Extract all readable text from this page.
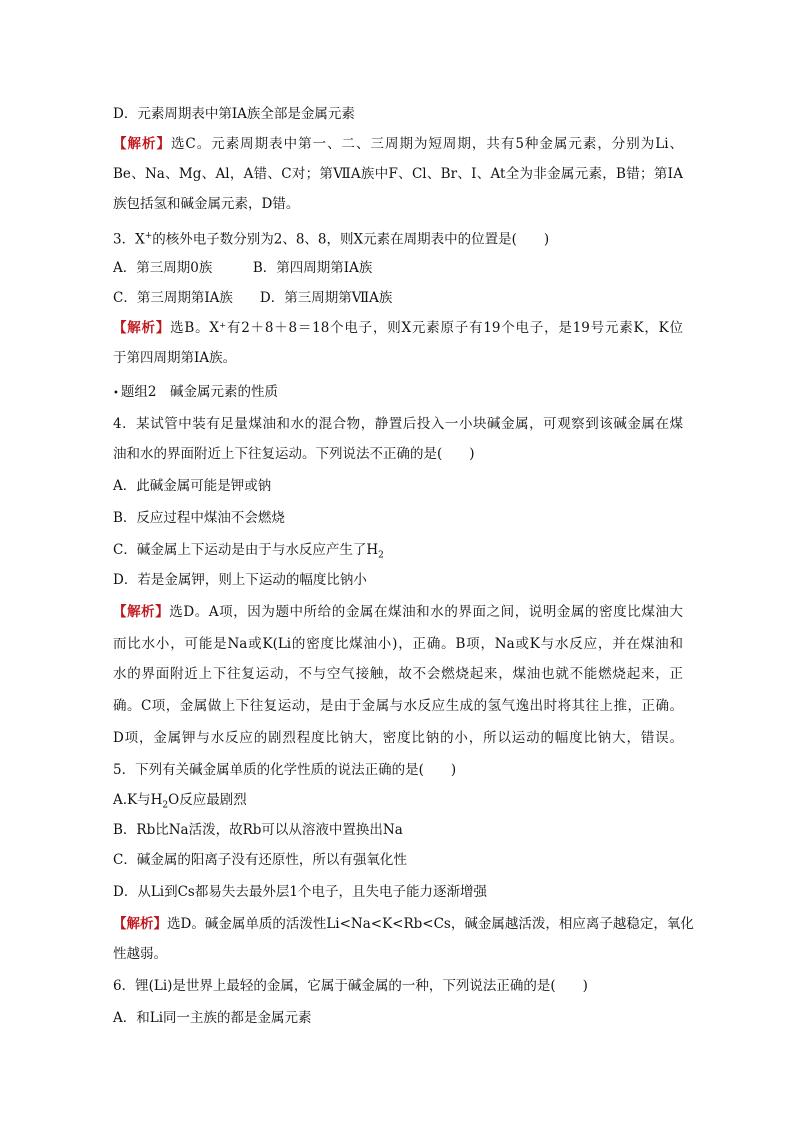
D．元素周期表中第ⅠA族全部是金属元素
【解析】选C。元素周期表中第一、二、三周期为短周期，共有5种金属元素，分别为Li、
Be、Na、Mg、Al，A错、C对；第ⅦA族中F、Cl、Br、I、At全为非金属元素，B错；第ⅠA
族包括氢和碱金属元素，D错。
3．X+的核外电子数分别为2、8、8，则X元素在周期表中的位置是(　　)
A．第三周期0族　　　B．第四周期第ⅠA族
C．第三周期第ⅠA族　　D．第三周期第ⅦA族
【解析】选B。X⁺有2＋8＋8＝18个电子，则X元素原子有19个电子，是19号元素K，K位
于第四周期第ⅠA族。
• 题组2　碱金属元素的性质
4．某试管中装有足量煤油和水的混合物，静置后投入一小块碱金属，可观察到该碱金属在煤
油和水的界面附近上下往复运动。下列说法不正确的是(　　)
A．此碱金属可能是钾或钠
B．反应过程中煤油不会燃烧
C．碱金属上下运动是由于与水反应产生了$H_2$
D．若是金属钾，则上下运动的幅度比钠小
【解析】选D。A项，因为题中所给的金属在煤油和水的界面之间，说明金属的密度比煤油大
而比水小，可能是Na或K(Li的密度比煤油小)，正确。B项，Na或K与水反应，并在煤油和
水的界面附近上下往复运动，不与空气接触，故不会燃烧起来，煤油也就不能燃烧起来，正
确。C项，金属做上下往复运动，是由于金属与水反应生成的氢气逸出时将其往上推，正确。
D项，金属钾与水反应的剧烈程度比钠大，密度比钠的小，所以运动的幅度比钠大，错误。
5．下列有关碱金属单质的化学性质的说法正确的是(　　)
A.K与$H_2O$反应最剧烈
B．Rb比Na活泼，故Rb可以从溶液中置换出Na
C．碱金属的阳离子没有还原性，所以有强氧化性
D．从Li到Cs都易失去最外层1个电子，且失电子能力逐渐增强
【解析】选D。碱金属单质的活泼性Li<Na<K<Rb<Cs，碱金属越活泼，相应离子越稳定，氧化
性越弱。
6．锂(Li)是世界上最轻的金属，它属于碱金属的一种，下列说法正确的是(　　)
A．和Li同一主族的都是金属元素
